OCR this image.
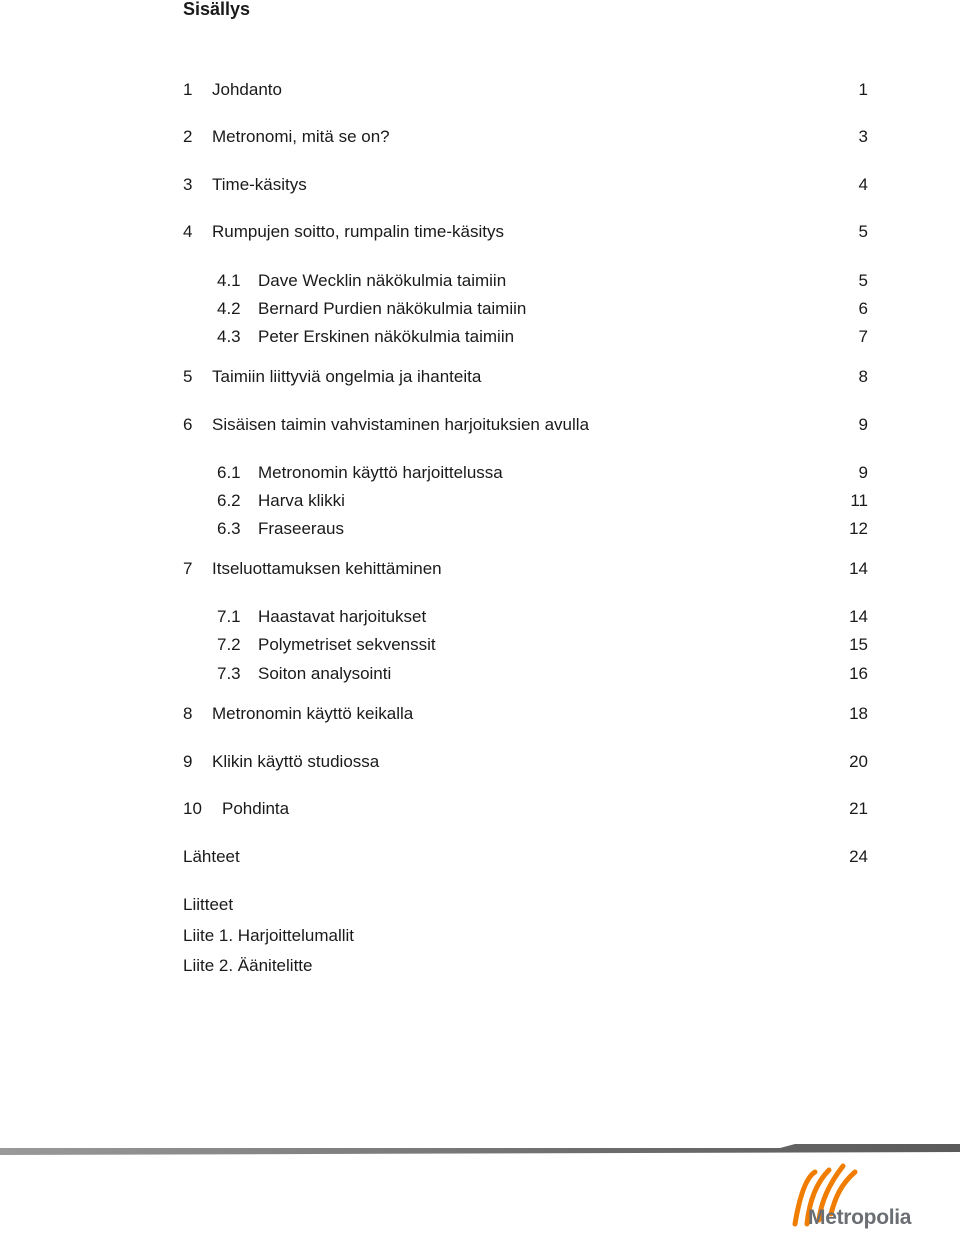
Sisällys
1 Johdanto	1
2 Metronomi, mitä se on?	3
3 Time-käsitys	4
4 Rumpujen soitto, rumpalin time-käsitys	5
4.1 Dave Wecklin näkökulmia taimiin	5
4.2 Bernard Purdien näkökulmia taimiin	6
4.3 Peter Erskinen näkökulmia taimiin	7
5 Taimiin liittyviä ongelmia ja ihanteita	8
6 Sisäisen taimin vahvistaminen harjoituksien avulla	9
6.1 Metronomin käyttö harjoittelussa	9
6.2 Harva klikki	11
6.3 Fraseeraus	12
7 Itseluottamuksen kehittäminen	14
7.1 Haastavat harjoitukset	14
7.2 Polymetriset sekvenssit	15
7.3 Soiton analysointi	16
8 Metronomin käyttö keikalla	18
9 Klikin käyttö studiossa	20
10 Pohdinta	21
Lähteet	24
Liitteet
Liite 1. Harjoittelumallit
Liite 2. Äänitelitte
Metropolia
